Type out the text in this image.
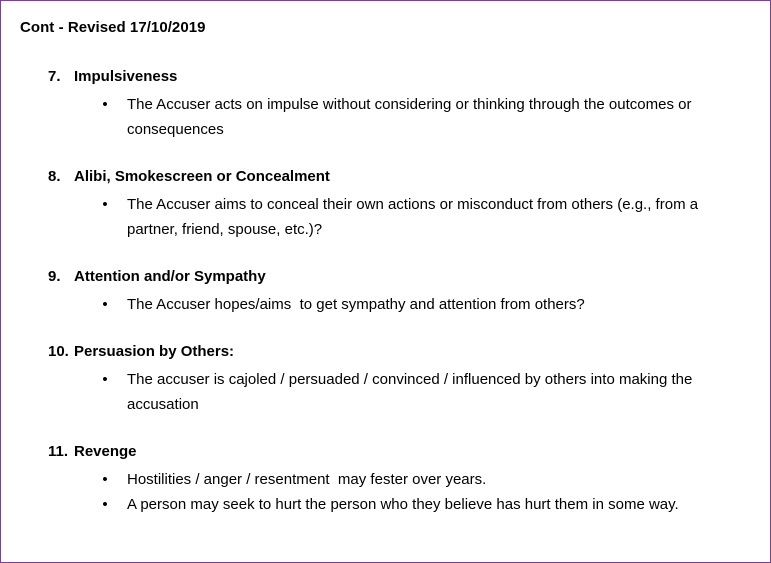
Cont - Revised 17/10/2019
7. Impulsiveness
• The Accuser acts on impulse without considering or thinking through the outcomes or consequences
8. Alibi, Smokescreen or Concealment
• The Accuser aims to conceal their own actions or misconduct from others (e.g., from a partner, friend, spouse, etc.)?
9. Attention and/or Sympathy
• The Accuser hopes/aims  to get sympathy and attention from others?
10. Persuasion by Others:
• The accuser is cajoled / persuaded / convinced / influenced by others into making the accusation
11. Revenge
• Hostilities / anger / resentment  may fester over years.
• A person may seek to hurt the person who they believe has hurt them in some way.
